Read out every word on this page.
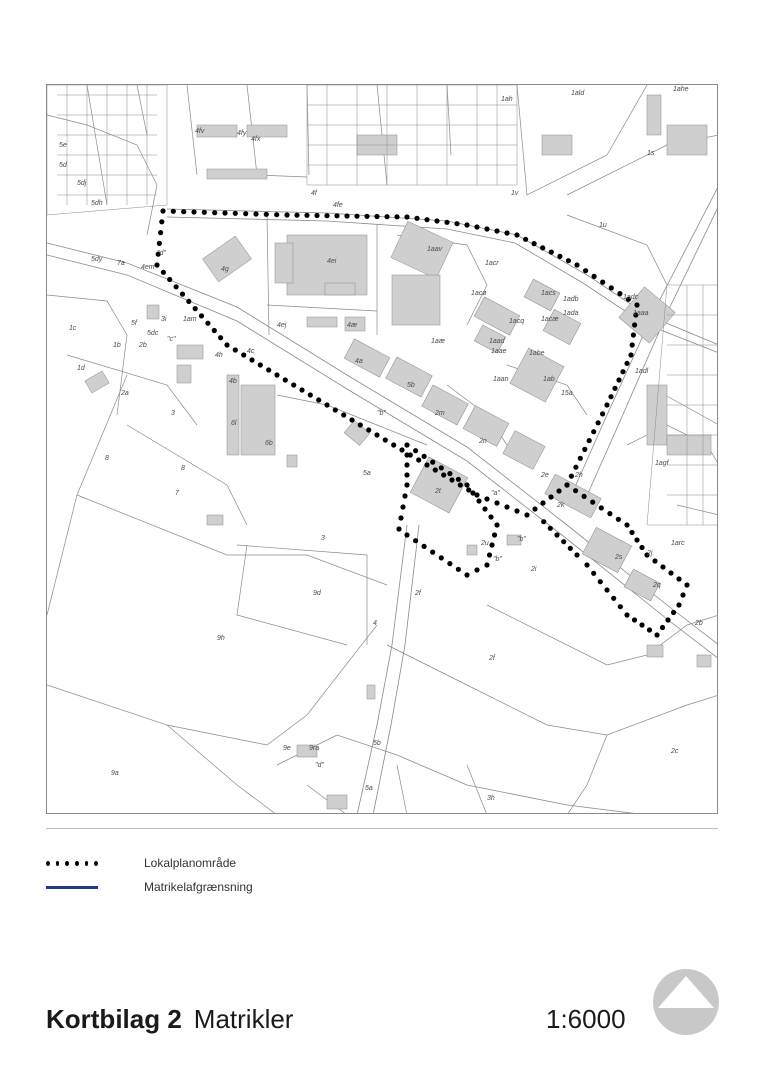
1c
1d
1b	2b
2a
3
8
8
7
6l
6b
5a
3
9d
9h
9a
9e	9ra
4
5b
5a
3h
2f
2f
2c
2b
2q
2s
2k
2h
2e
2n
2m
5b
4a
4ej	4æ
4g
4ei
4em
1aav
1acø
1aæ
1acr
1acs
1acæ
1ada
1adb
1acq
1aad
1abe
1aae
1aan	1ab
15a
1aaa
1adc
1adl
1agf
1arc
1s
1v
1u
1ah
1ald
1ahe
4fv
4fx
4fy
4f
4fe
4c
4h
4b
3i
2t
2u
2i
2j
5dy
7a
1am
5dc
5f
5e
5d
5dj
5dh
"d"
"b"
"a"
"b"
"c"
"d"
"b"
Lokalplanområde
Matrikelafgrænsning
Kortbilag 2 Matrikler	1:6000
